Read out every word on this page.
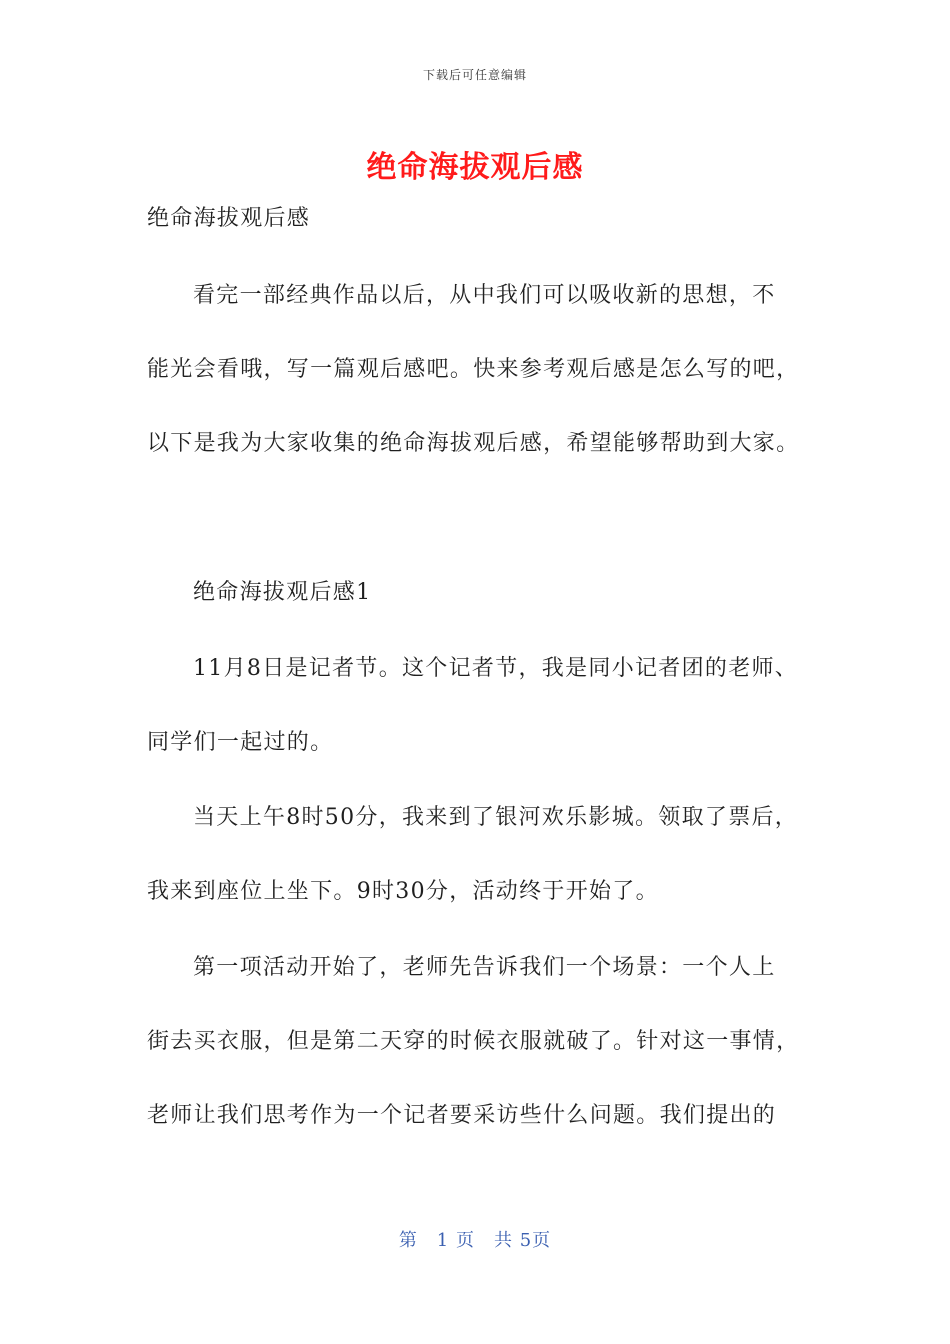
下载后可任意编辑
绝命海拔观后感
绝命海拔观后感
看完一部经典作品以后，从中我们可以吸收新的思想，不
能光会看哦，写一篇观后感吧。快来参考观后感是怎么写的吧，
以下是我为大家收集的绝命海拔观后感，希望能够帮助到大家。
绝命海拔观后感1
11月8日是记者节。这个记者节，我是同小记者团的老师、
同学们一起过的。
当天上午8时50分，我来到了银河欢乐影城。领取了票后，
我来到座位上坐下。9时30分，活动终于开始了。
第一项活动开始了，老师先告诉我们一个场景：一个人上
街去买衣服，但是第二天穿的时候衣服就破了。针对这一事情，
老师让我们思考作为一个记者要采访些什么问题。我们提出的
第　1 页　共 5页
